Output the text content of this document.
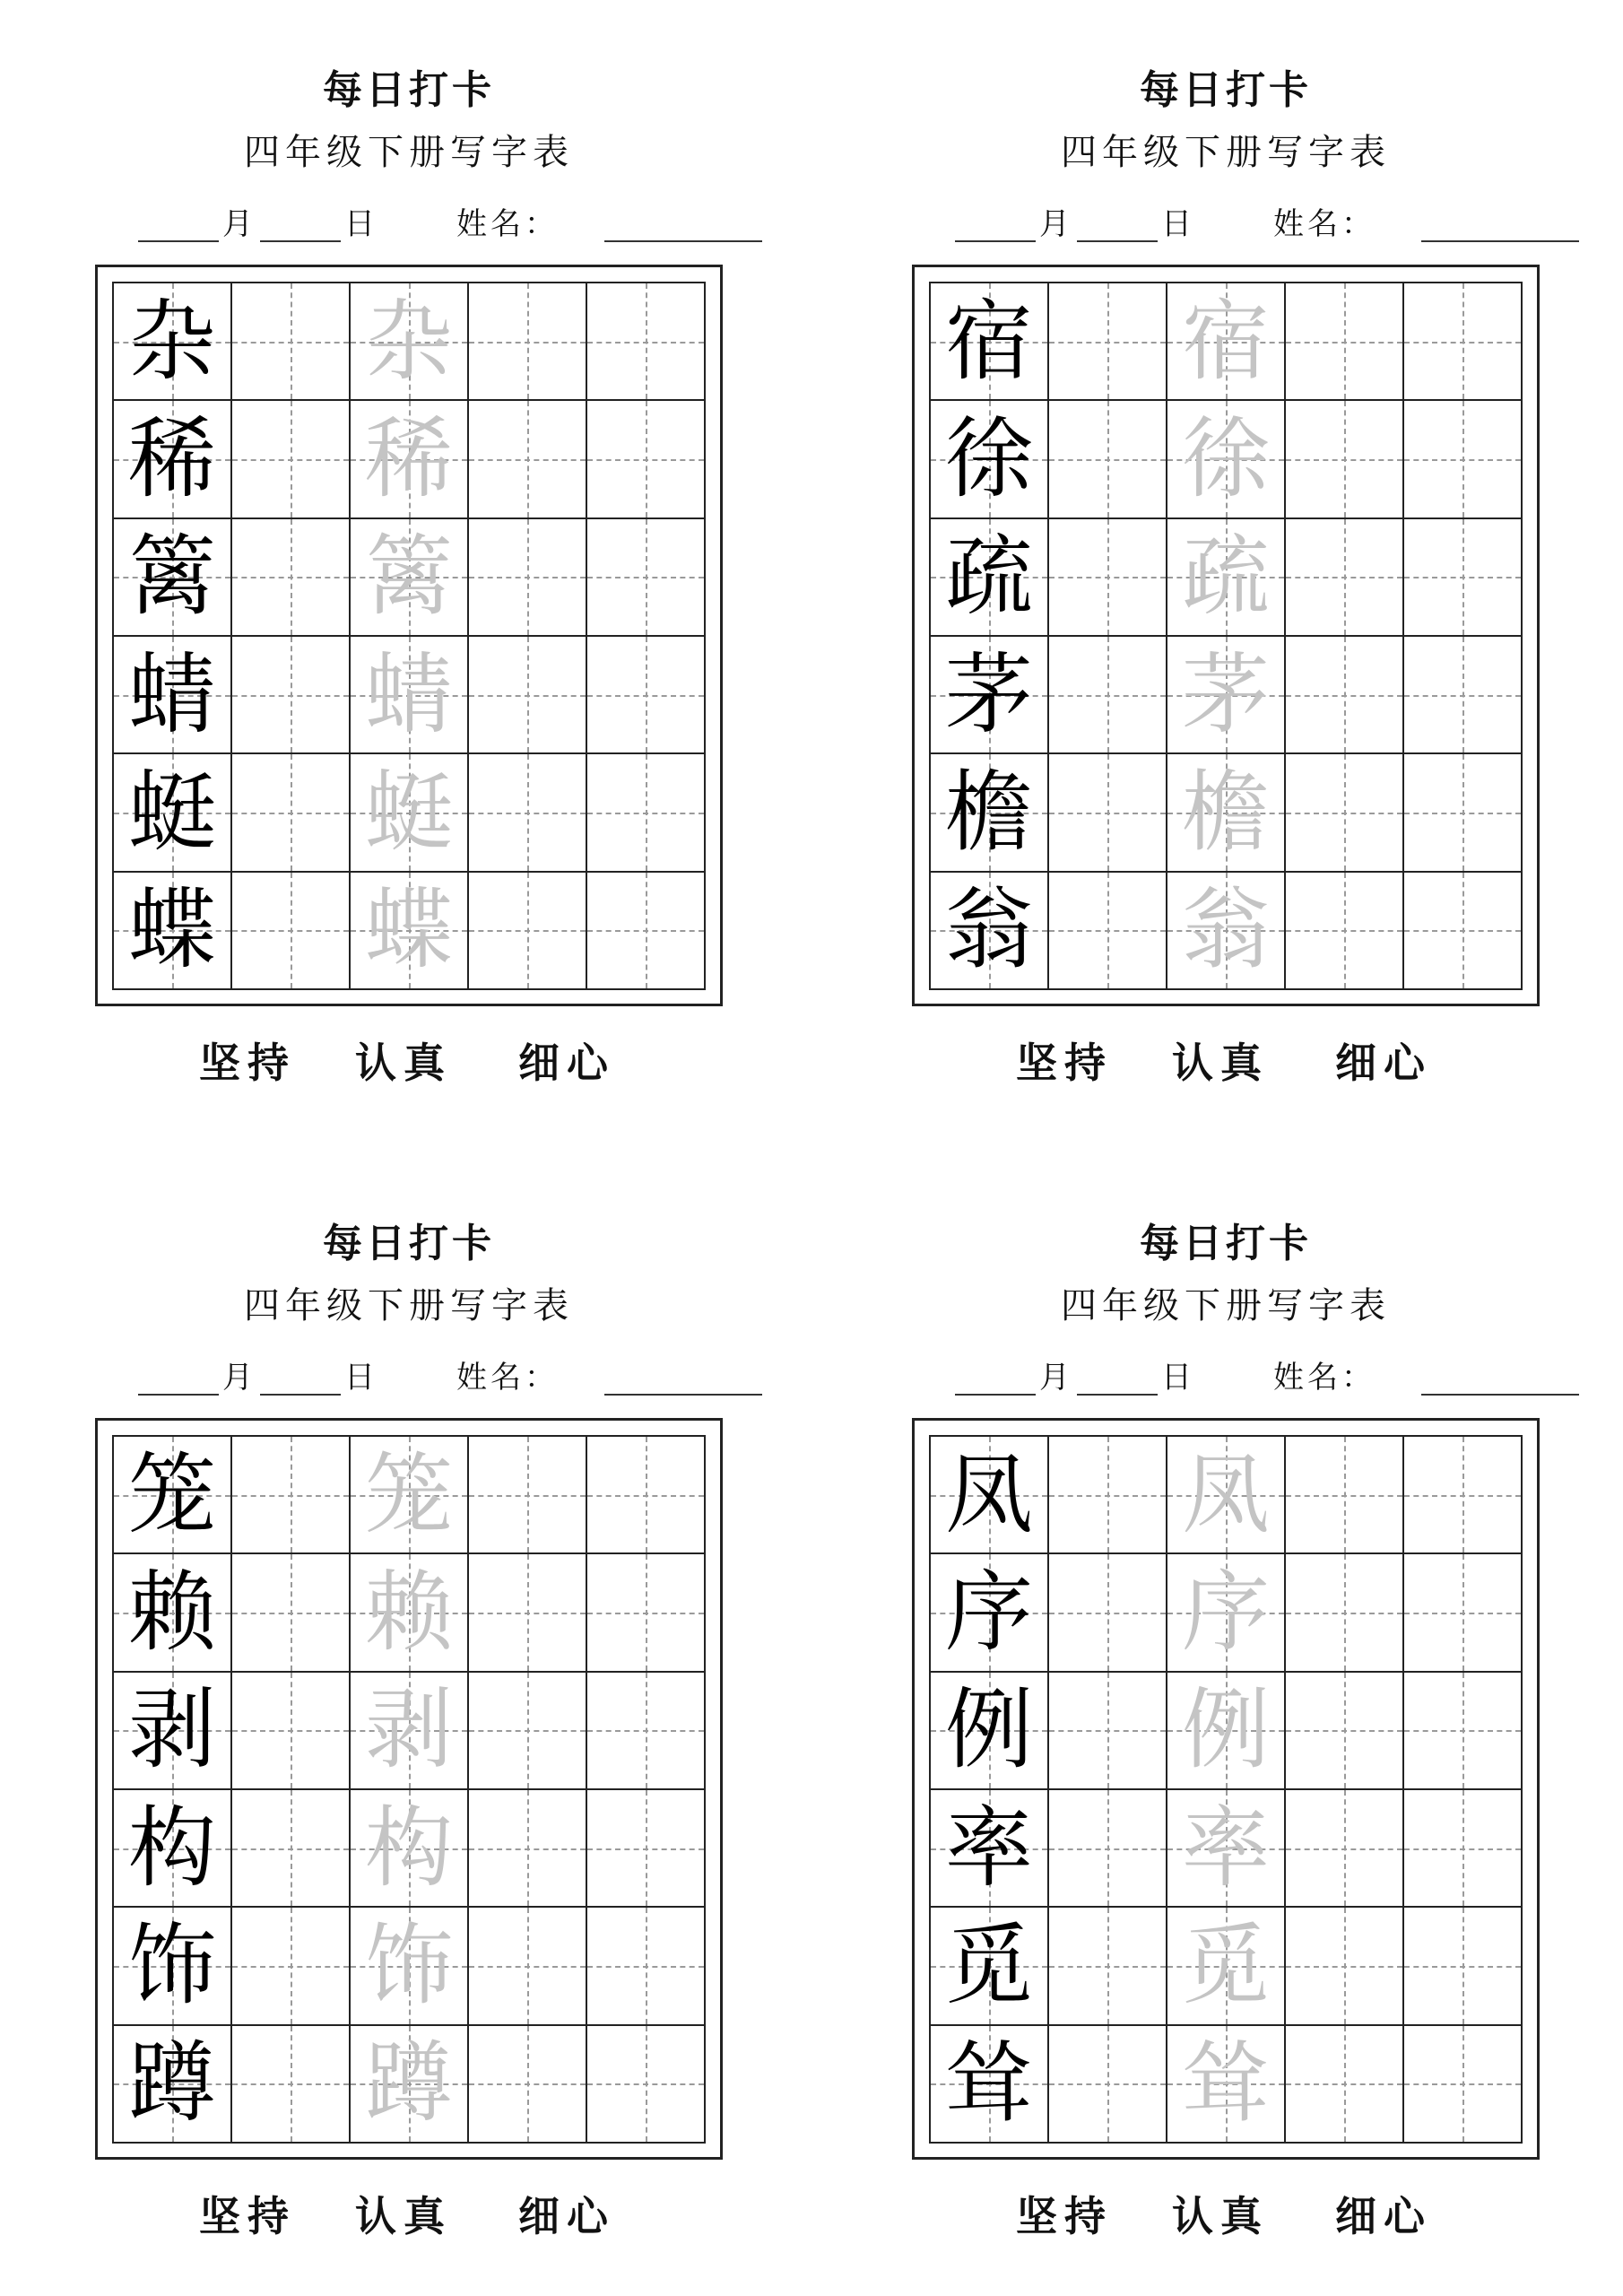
每日打卡
四年级下册写字表
月	日	姓名：
杂 杂
稀 稀
篱 篱
蜻 蜻
蜓 蜓
蝶 蝶
坚持 认真 细心
每日打卡
四年级下册写字表
月	日	姓名：
宿 宿
徐 徐
疏 疏
茅 茅
檐 檐
翁 翁
坚持 认真 细心
每日打卡
四年级下册写字表
月	日	姓名：
笼 笼
赖 赖
剥 剥
构 构
饰 饰
蹲 蹲
坚持 认真 细心
每日打卡
四年级下册写字表
月	日	姓名：
凤 凤
序 序
例 例
率 率
觅 觅
耸 耸
坚持 认真 细心
